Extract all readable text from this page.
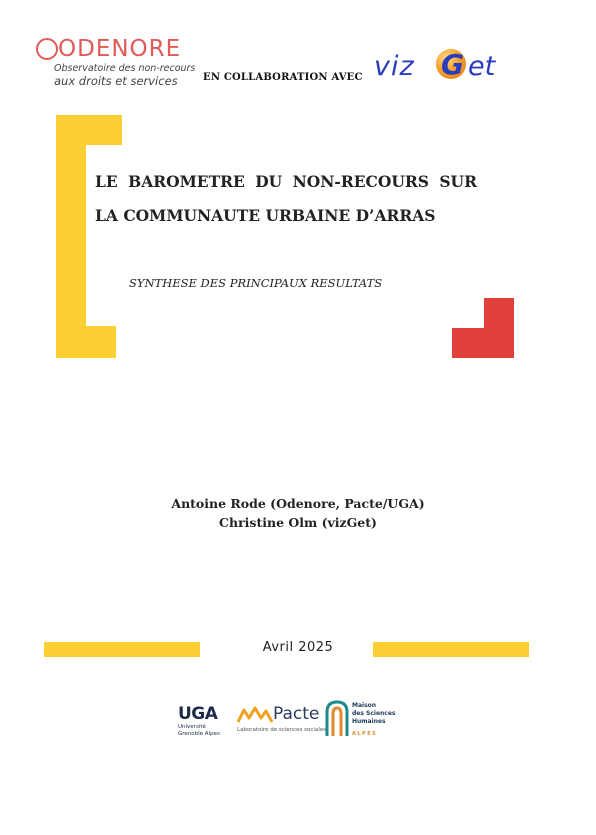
ODENORE
Observatoire des non-recours
aux droits et services	EN COLLABORATION AVEC viz G et
LE BAROMETRE DU NON-RECOURS SUR
LA COMMUNAUTE URBAINE D’ARRAS
SYNTHESE DES PRINCIPAUX RESULTATS
Antoine Rode (Odenore, Pacte/UGA)
Christine Olm (vizGet)
Avril 2025
UGA
Université
Grenoble Alpes
Pacte
Laboratoire de sciences sociales
Maison
des Sciences
Humaines
ALPES
